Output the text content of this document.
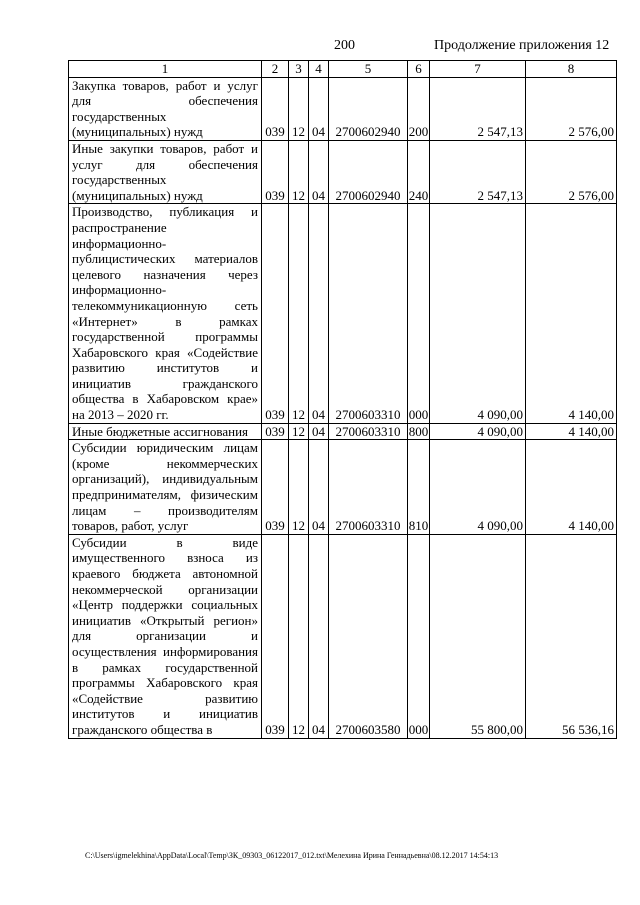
200	Продолжение приложения 12
1	2	3	4	5	6	7	8
Закупка товаров, работ и услуг для обеспечения государственных (муниципальных) нужд	039	12	04	2700602940	200	2 547,13	2 576,00
Иные закупки товаров, работ и услуг для обеспечения государственных (муниципальных) нужд	039	12	04	2700602940	240	2 547,13	2 576,00
Производство, публикация и распространение информационно-публицистических материалов целевого назначения через информационно-телекоммуникационную сеть «Интернет» в рамках государственной программы Хабаровского края «Содействие развитию институтов и инициатив гражданского общества в Хабаровском крае» на 2013 – 2020 гг.	039	12	04	2700603310	000	4 090,00	4 140,00
Иные бюджетные ассигнования	039	12	04	2700603310	800	4 090,00	4 140,00
Субсидии юридическим лицам (кроме некоммерческих организаций), индивидуальным предпринимателям, физическим лицам – производителям товаров, работ, услуг	039	12	04	2700603310	810	4 090,00	4 140,00
Субсидии в виде имущественного взноса из краевого бюджета автономной некоммерческой организации «Центр поддержки социальных инициатив «Открытый регион» для организации и осуществления информирования в рамках государственной программы Хабаровского края «Содействие развитию институтов и инициатив гражданского общества в	039	12	04	2700603580	000	55 800,00	56 536,16
C:\Users\igmelekhina\AppData\Local\Temp\ЗК_09303_06122017_012.txt\Мелехина Ирина Геннадьевна\08.12.2017 14:54:13
